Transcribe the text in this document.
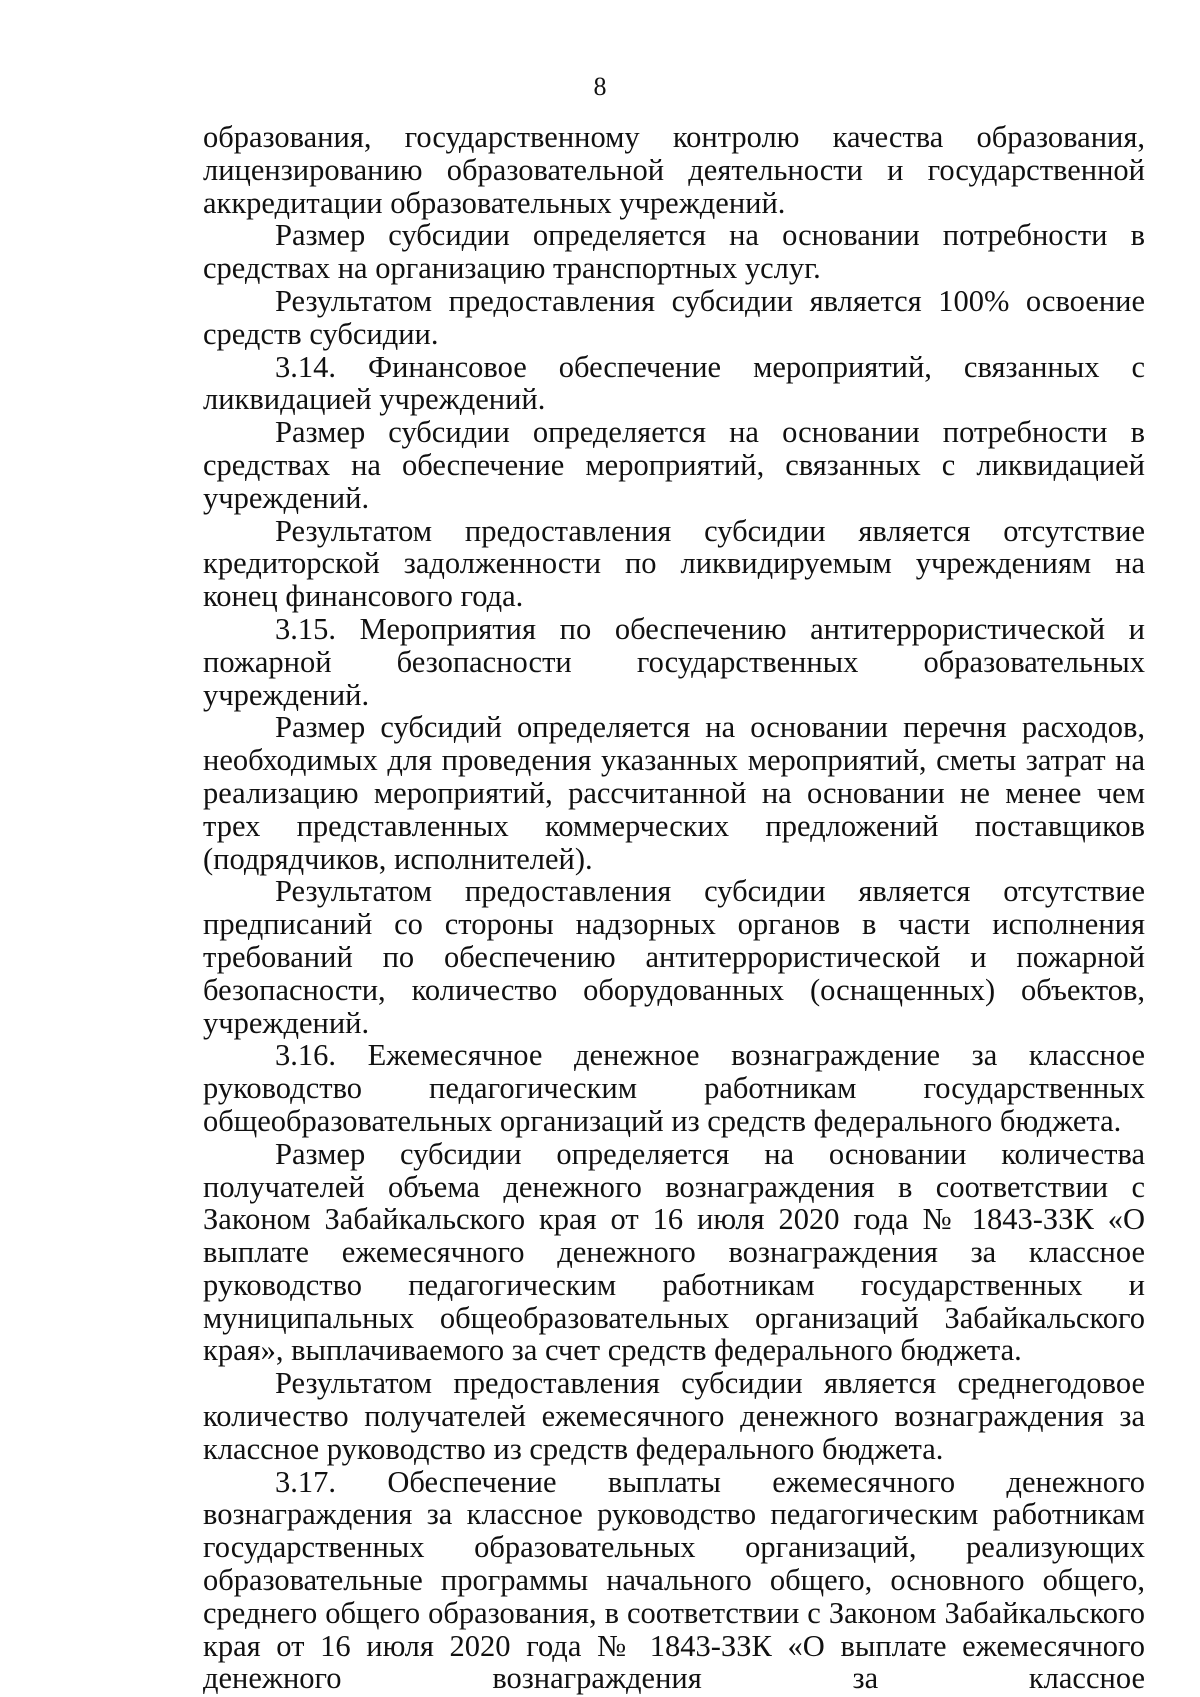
8

образования, государственному контролю качества образования, лицензированию образовательной деятельности и государственной аккредитации образовательных учреждений.

Размер субсидии определяется на основании потребности в средствах на организацию транспортных услуг.

Результатом предоставления субсидии является 100% освоение средств субсидии.

3.14. Финансовое обеспечение мероприятий, связанных с ликвидацией учреждений.

Размер субсидии определяется на основании потребности в средствах на обеспечение мероприятий, связанных с ликвидацией учреждений.

Результатом предоставления субсидии является отсутствие кредиторской задолженности по ликвидируемым учреждениям на конец финансового года.

3.15. Мероприятия по обеспечению антитеррористической и пожарной безопасности государственных образовательных учреждений.

Размер субсидий определяется на основании перечня расходов, необходимых для проведения указанных мероприятий, сметы затрат на реализацию мероприятий, рассчитанной на основании не менее чем трех представленных коммерческих предложений поставщиков (подрядчиков, исполнителей).

Результатом предоставления субсидии является отсутствие предписаний со стороны надзорных органов в части исполнения требований по обеспечению антитеррористической и пожарной безопасности, количество оборудованных (оснащенных) объектов, учреждений.

3.16. Ежемесячное денежное вознаграждение за классное руководство педагогическим работникам государственных общеобразовательных организаций из средств федерального бюджета.

Размер субсидии определяется на основании количества получателей объема денежного вознаграждения в соответствии с Законом Забайкальского края от 16 июля 2020 года № 1843-ЗЗК «О выплате ежемесячного денежного вознаграждения за классное руководство педагогическим работникам государственных и муниципальных общеобразовательных организаций Забайкальского края», выплачиваемого за счет средств федерального бюджета.

Результатом предоставления субсидии является среднегодовое количество получателей ежемесячного денежного вознаграждения за классное руководство из средств федерального бюджета.

3.17. Обеспечение выплаты ежемесячного денежного вознаграждения за классное руководство педагогическим работникам государственных образовательных организаций, реализующих образовательные программы начального общего, основного общего, среднего общего образования, в соответствии с Законом Забайкальского края от 16 июля 2020 года № 1843-ЗЗК «О выплате ежемесячного денежного вознаграждения за классное
